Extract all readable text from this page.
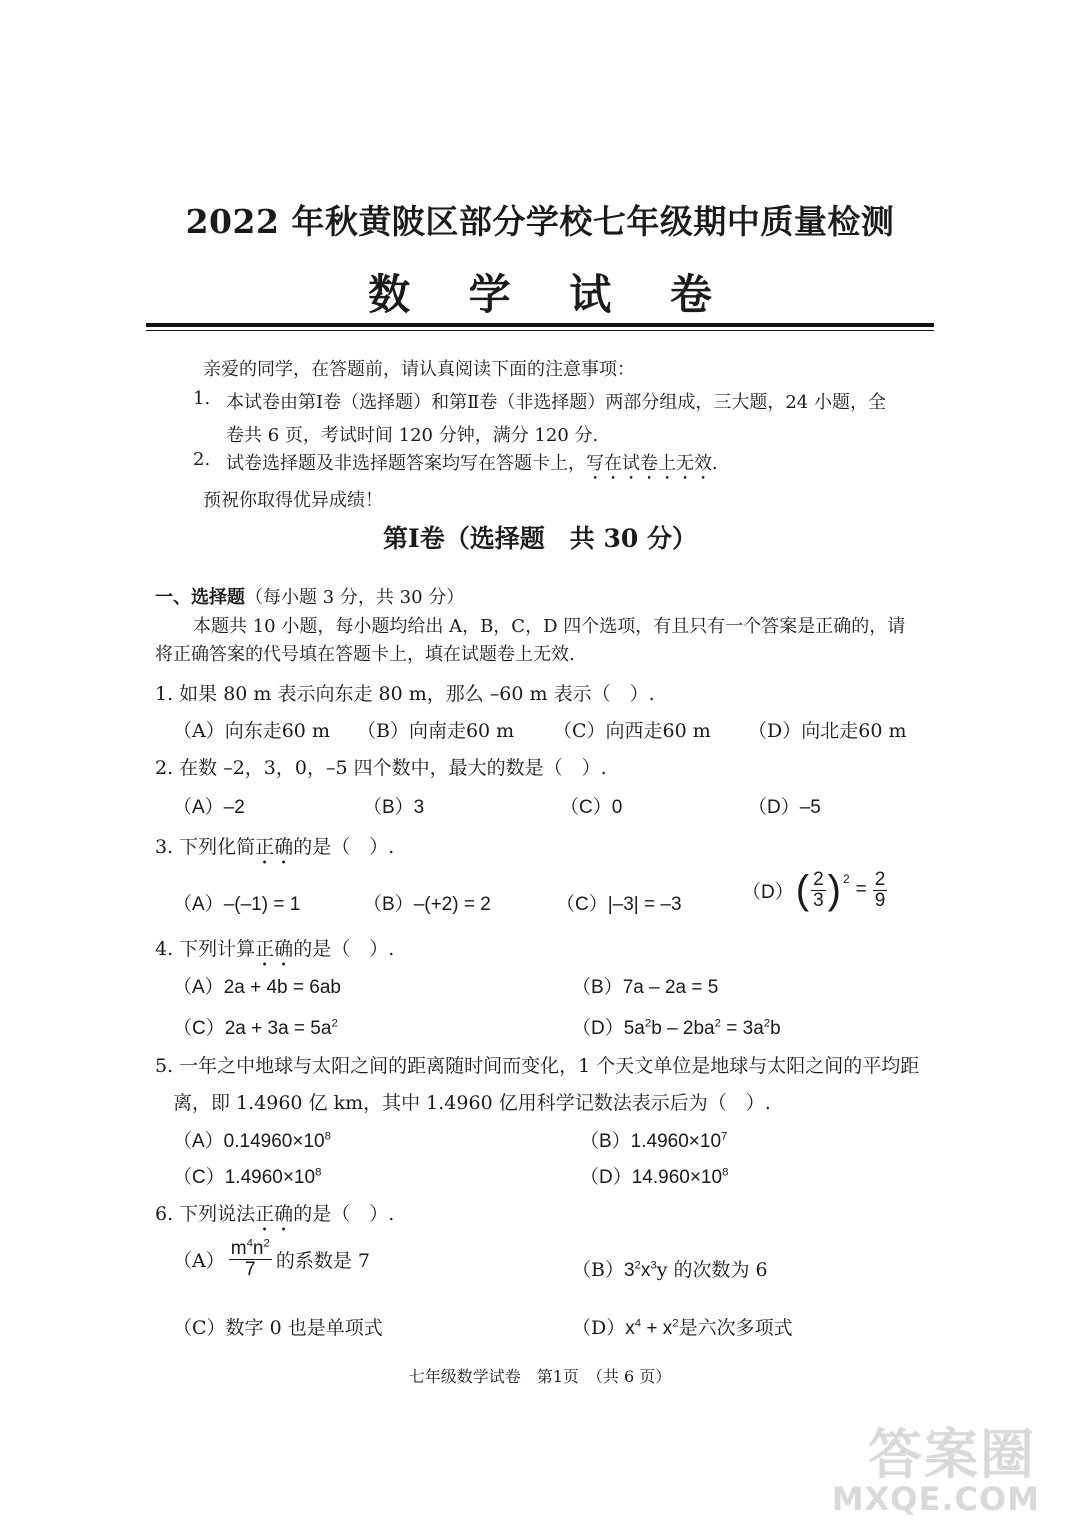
2022 年秋黄陂区部分学校七年级期中质量检测
数 学 试 卷
亲爱的同学，在答题前，请认真阅读下面的注意事项：
1. 本试卷由第Ⅰ卷（选择题）和第Ⅱ卷（非选择题）两部分组成，三大题，24 小题，全
卷共 6 页，考试时间 120 分钟，满分 120 分.
2. 试卷选择题及非选择题答案均写在答题卡上，写在试卷上无效.
预祝你取得优异成绩！
第Ⅰ卷（选择题　共 30 分）
一、选择题（每小题 3 分，共 30 分）
本题共 10 小题，每小题均给出 A，B，C，D 四个选项，有且只有一个答案是正确的，请
将正确答案的代号填在答题卡上，填在试题卷上无效.
1. 如果 80 m 表示向东走 80 m，那么 –60 m 表示（　）.
（A）向东走60 m （B）向南走60 m （C）向西走60 m （D）向北走60 m
2. 在数 –2，3，0，–5 四个数中，最大的数是（　）.
（A）–2	（B）3	（C）0	（D）–5
3. 下列化简正确的是（　）.
（A）–(–1) = 1	（B）–(+2) = 2	（C）|–3| = –3
（D） ( $\frac{2}{3}$ ) 2
= $\frac{2}{9}$
4. 下列计算正确的是（　）.
（A）2a + 4b = 6ab	（B）7a – 2a = 5
$(C)2a + 3a = 5a^2$	$(D)5a^2b - 2ba^2 = 3a^2b$
5. 一年之中地球与太阳之间的距离随时间而变化，1 个天文单位是地球与太阳之间的平均距
离，即 1.4960 亿 km，其中 1.4960 亿用科学记数法表示后为（　）.
$(A)0.14960\times 10^8$	$(B)1.4960\times 10^7$
$(C)1.4960\times 10^8$	$(D)14.960\times 10^8$
6. 下列说法正确的是（　）.
$(A) \frac{m^4n^2}{7}$ 的系数是 7	$(B)3^2x^3y$ 的次数为 6
（C）数字 0 也是单项式	$(D)x^4 + x^2$是六次多项式
七年级数学试卷　第1页　（共 6 页）
答案圈
MXQE.COM
